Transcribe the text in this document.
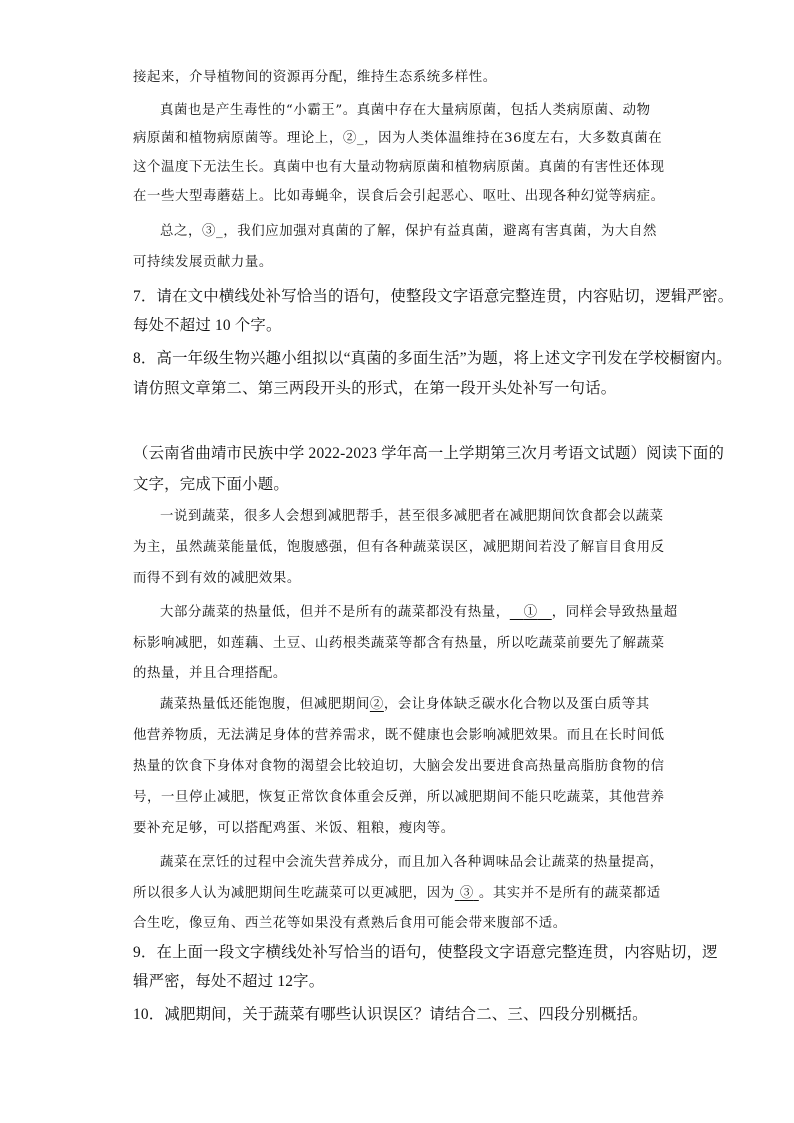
接起来，介导植物间的资源再分配，维持生态系统多样性。

真菌也是产生毒性的“小霸王”。真菌中存在大量病原菌，包括人类病原菌、动物

病原菌和植物病原菌等。理论上，②_，因为人类体温维持在36度左右，大多数真菌在

这个温度下无法生长。真菌中也有大量动物病原菌和植物病原菌。真菌的有害性还体现

在一些大型毒蘑菇上。比如毒蝇伞，误食后会引起恶心、呕吐、出现各种幻觉等病症。

总之，③_，我们应加强对真菌的了解，保护有益真菌，避离有害真菌，为大自然

可持续发展贡献力量。

7．请在文中横线处补写恰当的语句，使整段文字语意完整连贯，内容贴切，逻辑严密。

每处不超过 10 个字。

8．高一年级生物兴趣小组拟以“真菌的多面生活”为题，将上述文字刊发在学校橱窗内。

请仿照文章第二、第三两段开头的形式，在第一段开头处补写一句话。

（云南省曲靖市民族中学 2022-2023 学年高一上学期第三次月考语文试题）阅读下面的

文字，完成下面小题。

一说到蔬菜，很多人会想到减肥帮手，甚至很多减肥者在减肥期间饮食都会以蔬菜

为主，虽然蔬菜能量低，饱腹感强，但有各种蔬菜误区，减肥期间若没了解盲目食用反

而得不到有效的减肥效果。

大部分蔬菜的热量低，但并不是所有的蔬菜都没有热量，  ①  ，同样会导致热量超

标影响减肥，如莲藕、土豆、山药根类蔬菜等都含有热量，所以吃蔬菜前要先了解蔬菜

的热量，并且合理搭配。

蔬菜热量低还能饱腹，但减肥期间②，会让身体缺乏碳水化合物以及蛋白质等其

他营养物质，无法满足身体的营养需求，既不健康也会影响减肥效果。而且在长时间低

热量的饮食下身体对食物的渴望会比较迫切，大脑会发出要进食高热量高脂肪食物的信

号，一旦停止减肥，恢复正常饮食体重会反弹，所以减肥期间不能只吃蔬菜，其他营养

要补充足够，可以搭配鸡蛋、米饭、粗粮，瘦肉等。

蔬菜在烹饪的过程中会流失营养成分，而且加入各种调味品会让蔬菜的热量提高，

所以很多人认为减肥期间生吃蔬菜可以更减肥，因为  ③  。其实并不是所有的蔬菜都适

合生吃，像豆角、西兰花等如果没有煮熟后食用可能会带来腹部不适。

9．在上面一段文字横线处补写恰当的语句，使整段文字语意完整连贯，内容贴切，逻

辑严密，每处不超过 12字。

10．减肥期间，关于蔬菜有哪些认识误区？请结合二、三、四段分别概括。
